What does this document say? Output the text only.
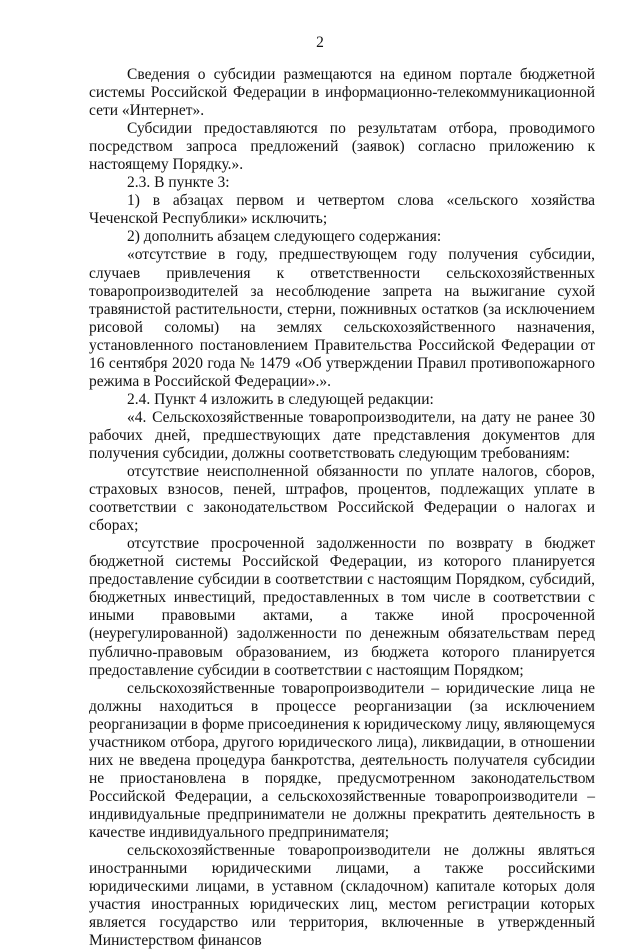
2

Сведения о субсидии размещаются на едином портале бюджетной системы Российской Федерации в информационно-телекоммуникационной сети «Интернет».

Субсидии предоставляются по результатам отбора, проводимого посредством запроса предложений (заявок) согласно приложению к настоящему Порядку.».

2.3. В пункте 3:

1) в абзацах первом и четвертом слова «сельского хозяйства Чеченской Республики» исключить;

2) дополнить абзацем следующего содержания:

«отсутствие в году, предшествующем году получения субсидии, случаев привлечения к ответственности сельскохозяйственных товаропроизводителей за несоблюдение запрета на выжигание сухой травянистой растительности, стерни, пожнивных остатков (за исключением рисовой соломы) на землях сельскохозяйственного назначения, установленного постановлением Правительства Российской Федерации от 16 сентября 2020 года № 1479 «Об утверждении Правил противопожарного режима в Российской Федерации».».

2.4. Пункт 4 изложить в следующей редакции:

«4. Сельскохозяйственные товаропроизводители, на дату не ранее 30 рабочих дней, предшествующих дате представления документов для получения субсидии, должны соответствовать следующим требованиям:

отсутствие неисполненной обязанности по уплате налогов, сборов, страховых взносов, пеней, штрафов, процентов, подлежащих уплате в соответствии с законодательством Российской Федерации о налогах и сборах;

отсутствие просроченной задолженности по возврату в бюджет бюджетной системы Российской Федерации, из которого планируется предоставление субсидии в соответствии с настоящим Порядком, субсидий, бюджетных инвестиций, предоставленных в том числе в соответствии с иными правовыми актами, а также иной просроченной (неурегулированной) задолженности по денежным обязательствам перед публично-правовым образованием, из бюджета которого планируется предоставление субсидии в соответствии с настоящим Порядком;

сельскохозяйственные товаропроизводители – юридические лица не должны находиться в процессе реорганизации (за исключением реорганизации в форме присоединения к юридическому лицу, являющемуся участником отбора, другого юридического лица), ликвидации, в отношении них не введена процедура банкротства, деятельность получателя субсидии не приостановлена в порядке, предусмотренном законодательством Российской Федерации, а сельскохозяйственные товаропроизводители – индивидуальные предприниматели не должны прекратить деятельность в качестве индивидуального предпринимателя;

сельскохозяйственные товаропроизводители не должны являться иностранными юридическими лицами, а также российскими юридическими лицами, в уставном (складочном) капитале которых доля участия иностранных юридических лиц, местом регистрации которых является государство или территория, включенные в утвержденный Министерством финансов
